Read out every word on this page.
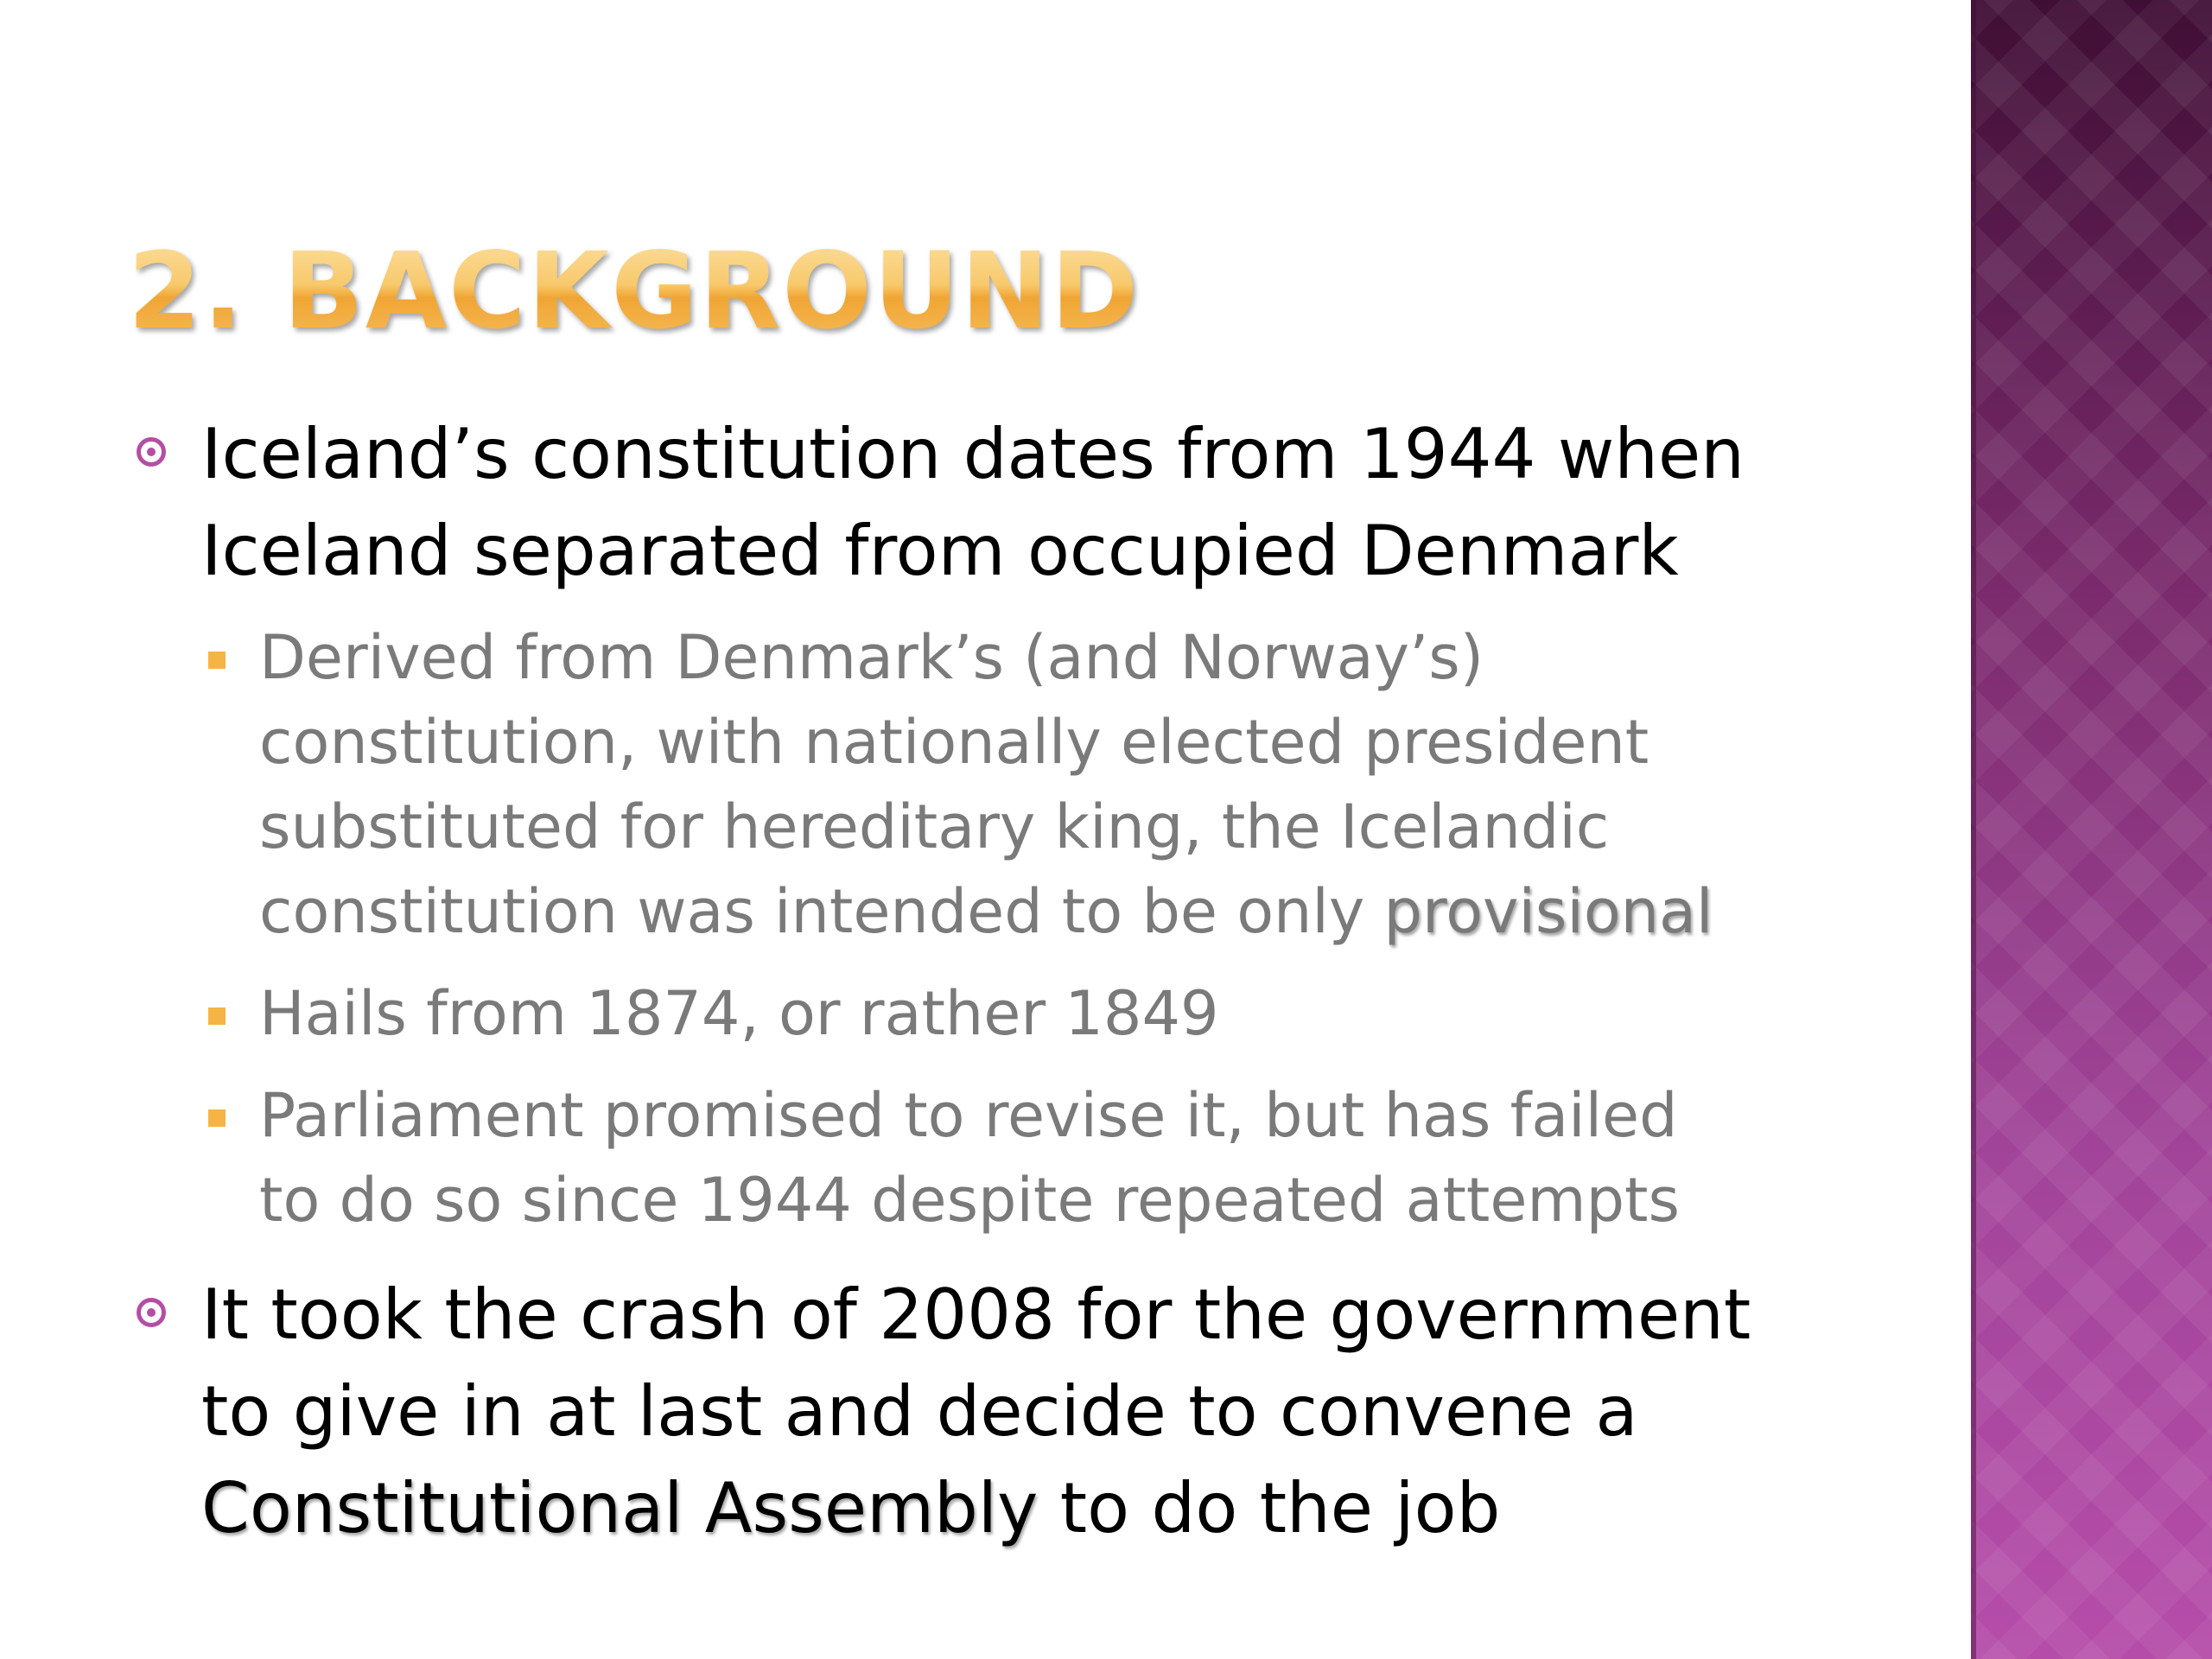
2. BACKGROUND
Iceland’s constitution dates from 1944 when
Iceland separated from occupied Denmark
Derived from Denmark’s (and Norway’s)
constitution, with nationally elected president
substituted for hereditary king, the Icelandic
constitution was intended to be only provisional
Hails from 1874, or rather 1849
Parliament promised to revise it, but has failed
to do so since 1944 despite repeated attempts
It took the crash of 2008 for the government
to give in at last and decide to convene a
Constitutional Assembly to do the job
